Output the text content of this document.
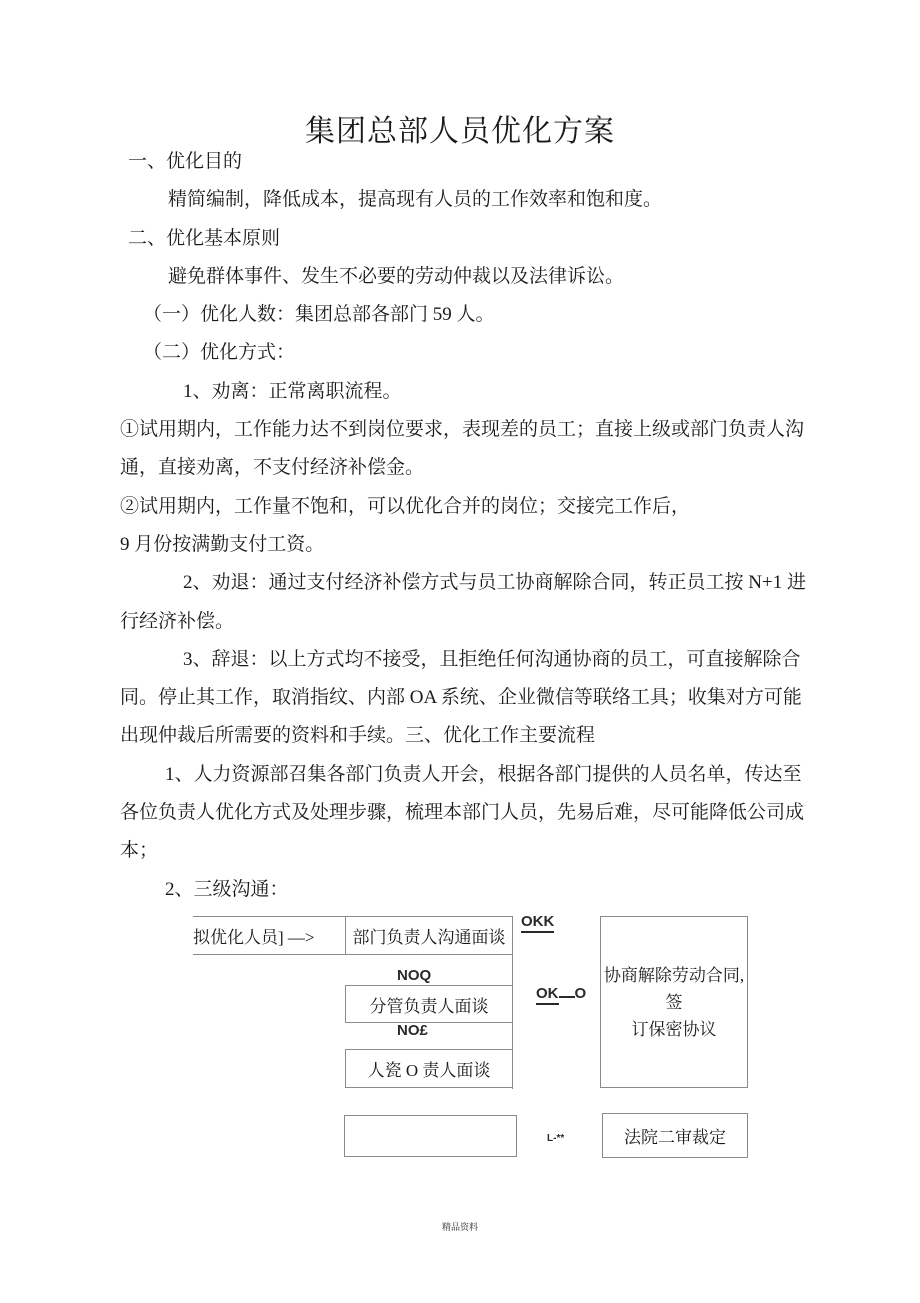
集团总部人员优化方案
一、优化目的
精简编制，降低成本，提高现有人员的工作效率和饱和度。
二、优化基本原则
避免群体事件、发生不必要的劳动仲裁以及法律诉讼。
（一）优化人数：集团总部各部门 59 人。
（二）优化方式：
1、劝离：正常离职流程。
①试用期内，工作能力达不到岗位要求，表现差的员工；直接上级或部门负责人沟
通，直接劝离，不支付经济补偿金。
②试用期内，工作量不饱和，可以优化合并的岗位；交接完工作后，
9 月份按满勤支付工资。
2、劝退：通过支付经济补偿方式与员工协商解除合同，转正员工按 N+1 进
行经济补偿。
3、辞退：以上方式均不接受，且拒绝任何沟通协商的员工，可直接解除合
同。停止其工作，取消指纹、内部 OA 系统、企业微信等联络工具；收集对方可能
出现仲裁后所需要的资料和手续。三、优化工作主要流程
1、人力资源部召集各部门负责人开会，根据各部门提供的人员名单，传达至
各位负责人优化方式及处理步骤，梳理本部门人员，先易后难，尽可能降低公司成
本；
2、三级沟通：
拟优化人员] —>	部门负责人沟通面谈
OKK
NOQ
分管负责人面谈
OK O
NO£
人瓷 O 责人面谈
协商解除劳动合同,签
订保密协议
L-**	法院二审裁定
精品资料
